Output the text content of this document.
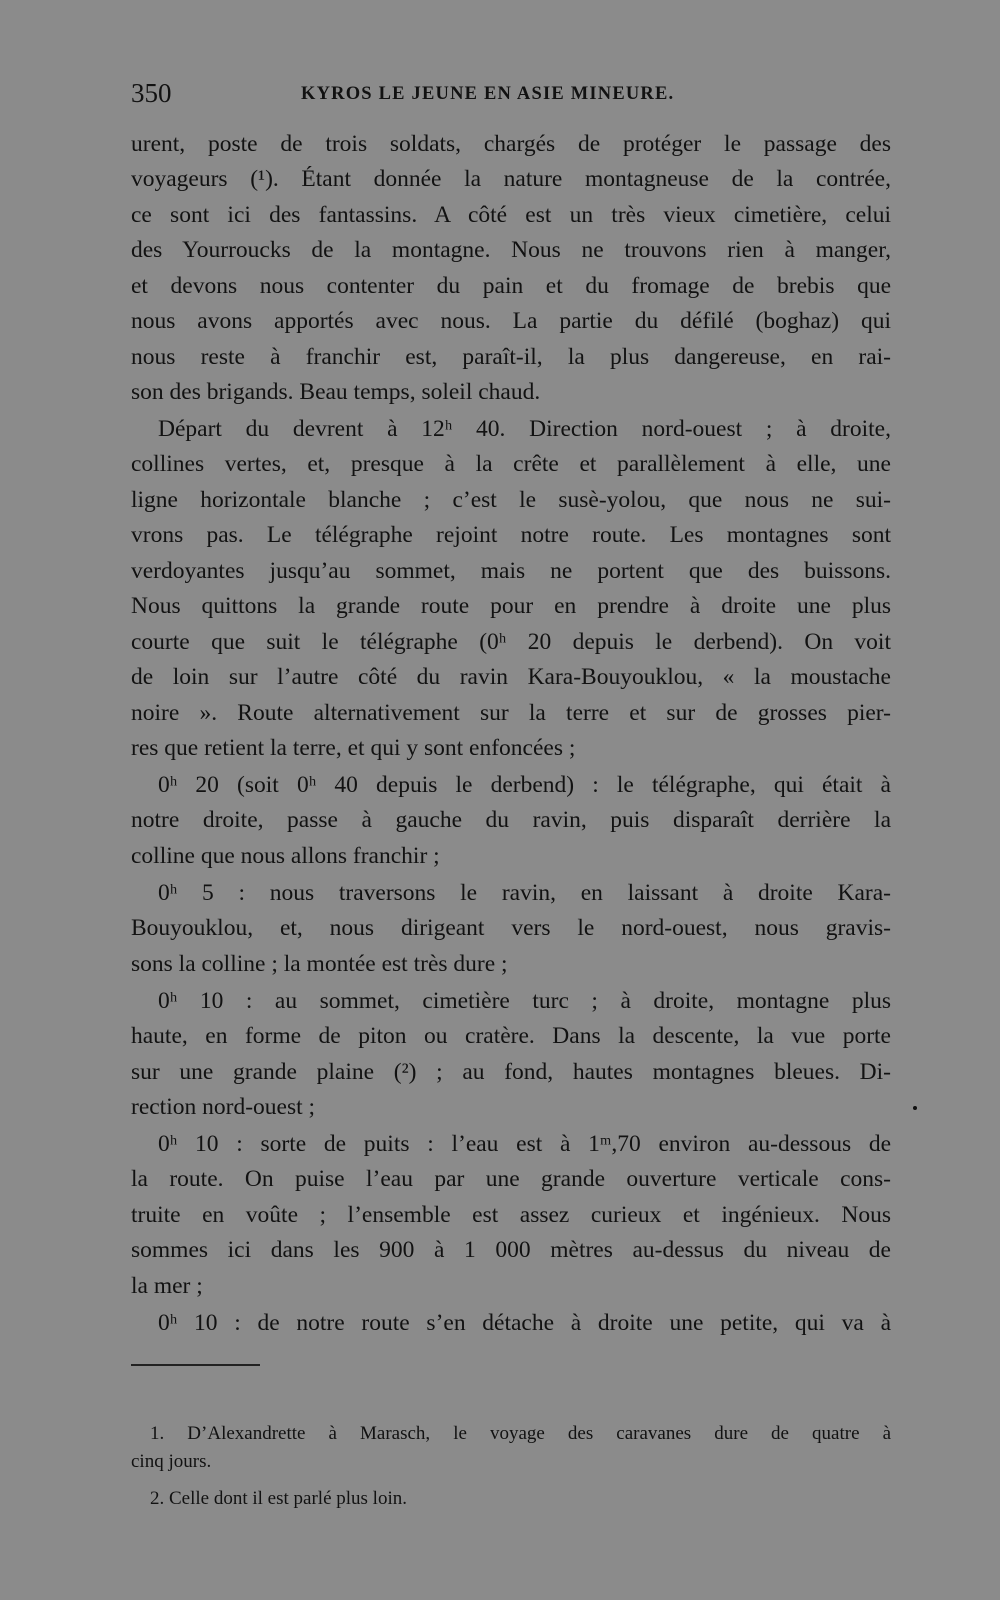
350	KYROS LE JEUNE EN ASIE MINEURE.
urent, poste de trois soldats, chargés de protéger le passage des
voyageurs (¹). Étant donnée la nature montagneuse de la contrée,
ce sont ici des fantassins. A côté est un très vieux cimetière, celui
des Yourroucks de la montagne. Nous ne trouvons rien à manger,
et devons nous contenter du pain et du fromage de brebis que
nous avons apportés avec nous. La partie du défilé (boghaz) qui
nous reste à franchir est, paraît-il, la plus dangereuse, en rai-
son des brigands. Beau temps, soleil chaud.
Départ du devrent à 12ʰ 40. Direction nord-ouest ; à droite,
collines vertes, et, presque à la crête et parallèlement à elle, une
ligne horizontale blanche ; c’est le susè-yolou, que nous ne sui-
vrons pas. Le télégraphe rejoint notre route. Les montagnes sont
verdoyantes jusqu’au sommet, mais ne portent que des buissons.
Nous quittons la grande route pour en prendre à droite une plus
courte que suit le télégraphe (0ʰ 20 depuis le derbend). On voit
de loin sur l’autre côté du ravin Kara-Bouyouklou, « la moustache
noire ». Route alternativement sur la terre et sur de grosses pier-
res que retient la terre, et qui y sont enfoncées ;
0ʰ 20 (soit 0ʰ 40 depuis le derbend) : le télégraphe, qui était à
notre droite, passe à gauche du ravin, puis disparaît derrière la
colline que nous allons franchir ;
0ʰ 5 : nous traversons le ravin, en laissant à droite Kara-
Bouyouklou, et, nous dirigeant vers le nord-ouest, nous gravis-
sons la colline ; la montée est très dure ;
0ʰ 10 : au sommet, cimetière turc ; à droite, montagne plus
haute, en forme de piton ou cratère. Dans la descente, la vue porte
sur une grande plaine (²) ; au fond, hautes montagnes bleues. Di-
rection nord-ouest ;
0ʰ 10 : sorte de puits : l’eau est à 1ᵐ,70 environ au-dessous de
la route. On puise l’eau par une grande ouverture verticale cons-
truite en voûte ; l’ensemble est assez curieux et ingénieux. Nous
sommes ici dans les 900 à 1 000 mètres au-dessus du niveau de
la mer ;
0ʰ 10 : de notre route s’en détache à droite une petite, qui va à
1. D’Alexandrette à Marasch, le voyage des caravanes dure de quatre à
cinq jours.
2. Celle dont il est parlé plus loin.
